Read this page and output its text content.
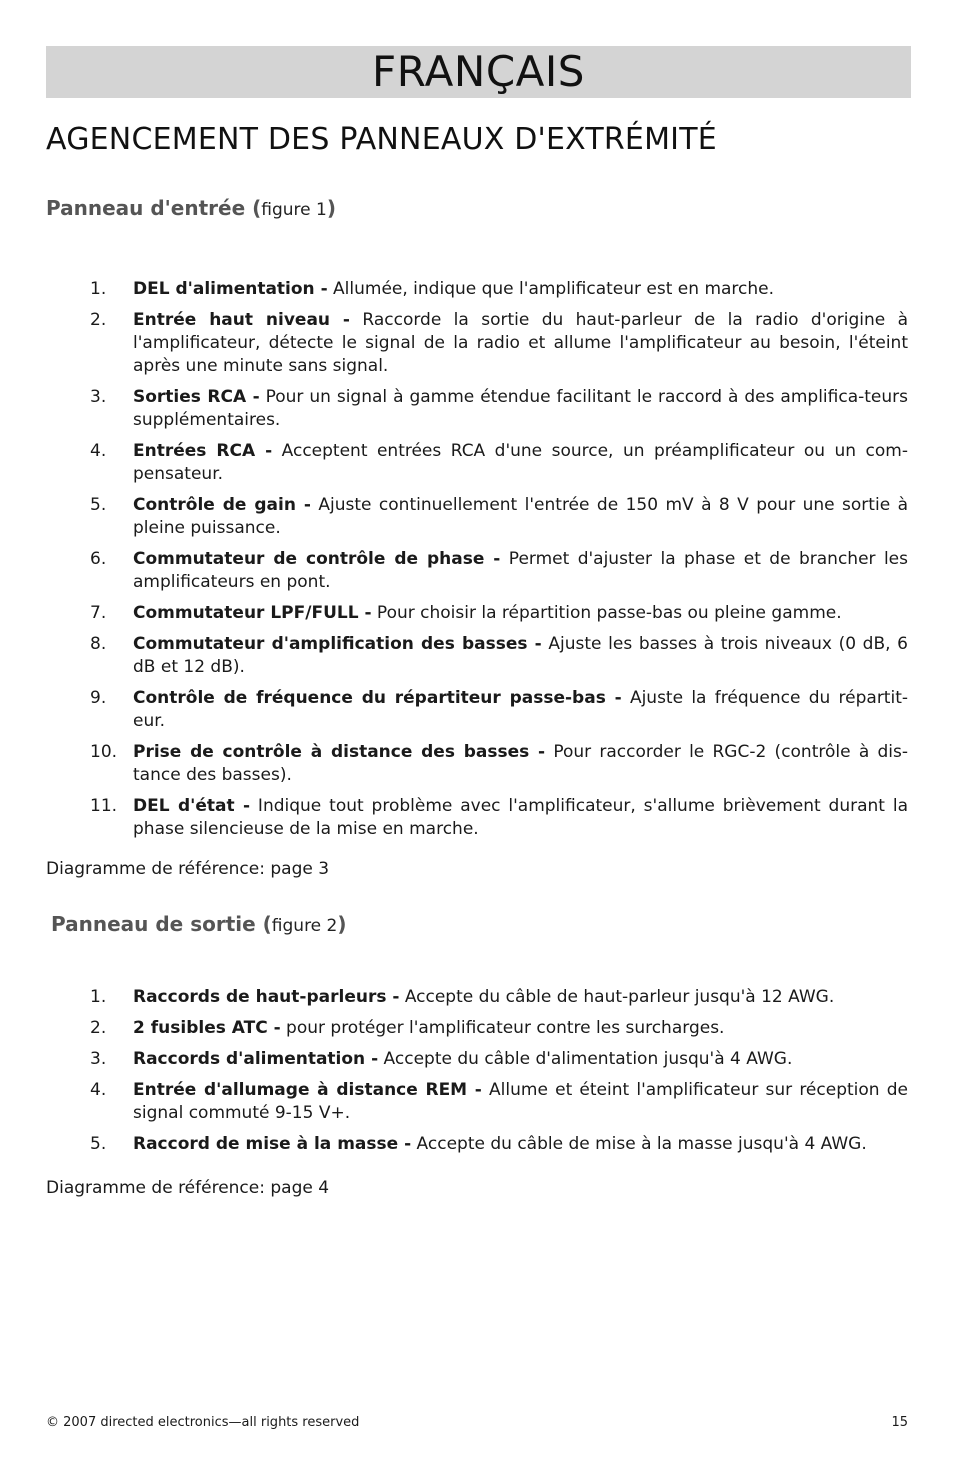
FRANÇAIS
AGENCEMENT DES PANNEAUX D'EXTRÉMITÉ
Panneau d'entrée (figure 1)
1. DEL d'alimentation - Allumée, indique que l'amplificateur est en marche.
2. Entrée haut niveau - Raccorde la sortie du haut-parleur de la radio d'origine à l'amplificateur, détecte le signal de la radio et allume l'amplificateur au besoin, l'éteint après une minute sans signal.
3. Sorties RCA - Pour un signal à gamme étendue facilitant le raccord à des amplifica-teurs supplémentaires.
4. Entrées RCA - Acceptent entrées RCA d'une source, un préamplificateur ou un com-pensateur.
5. Contrôle de gain - Ajuste continuellement l'entrée de 150 mV à 8 V pour une sortie à pleine puissance.
6. Commutateur de contrôle de phase - Permet d'ajuster la phase et de brancher les amplificateurs en pont.
7. Commutateur LPF/FULL - Pour choisir la répartition passe-bas ou pleine gamme.
8. Commutateur d'amplification des basses - Ajuste les basses à trois niveaux (0 dB, 6 dB et 12 dB).
9. Contrôle de fréquence du répartiteur passe-bas - Ajuste la fréquence du répartit-eur.
10. Prise de contrôle à distance des basses - Pour raccorder le RGC-2 (contrôle à dis-tance des basses).
11. DEL d'état - Indique tout problème avec l'amplificateur, s'allume brièvement durant la phase silencieuse de la mise en marche.
Diagramme de référence: page 3
Panneau de sortie (figure 2)
1. Raccords de haut-parleurs - Accepte du câble de haut-parleur jusqu'à 12 AWG.
2. 2 fusibles ATC - pour protéger l'amplificateur contre les surcharges.
3. Raccords d'alimentation - Accepte du câble d'alimentation jusqu'à 4 AWG.
4. Entrée d'allumage à distance REM - Allume et éteint l'amplificateur sur réception de signal commuté 9-15 V+.
5. Raccord de mise à la masse - Accepte du câble de mise à la masse jusqu'à 4 AWG.
Diagramme de référence: page 4
© 2007 directed electronics—all rights reserved	15
